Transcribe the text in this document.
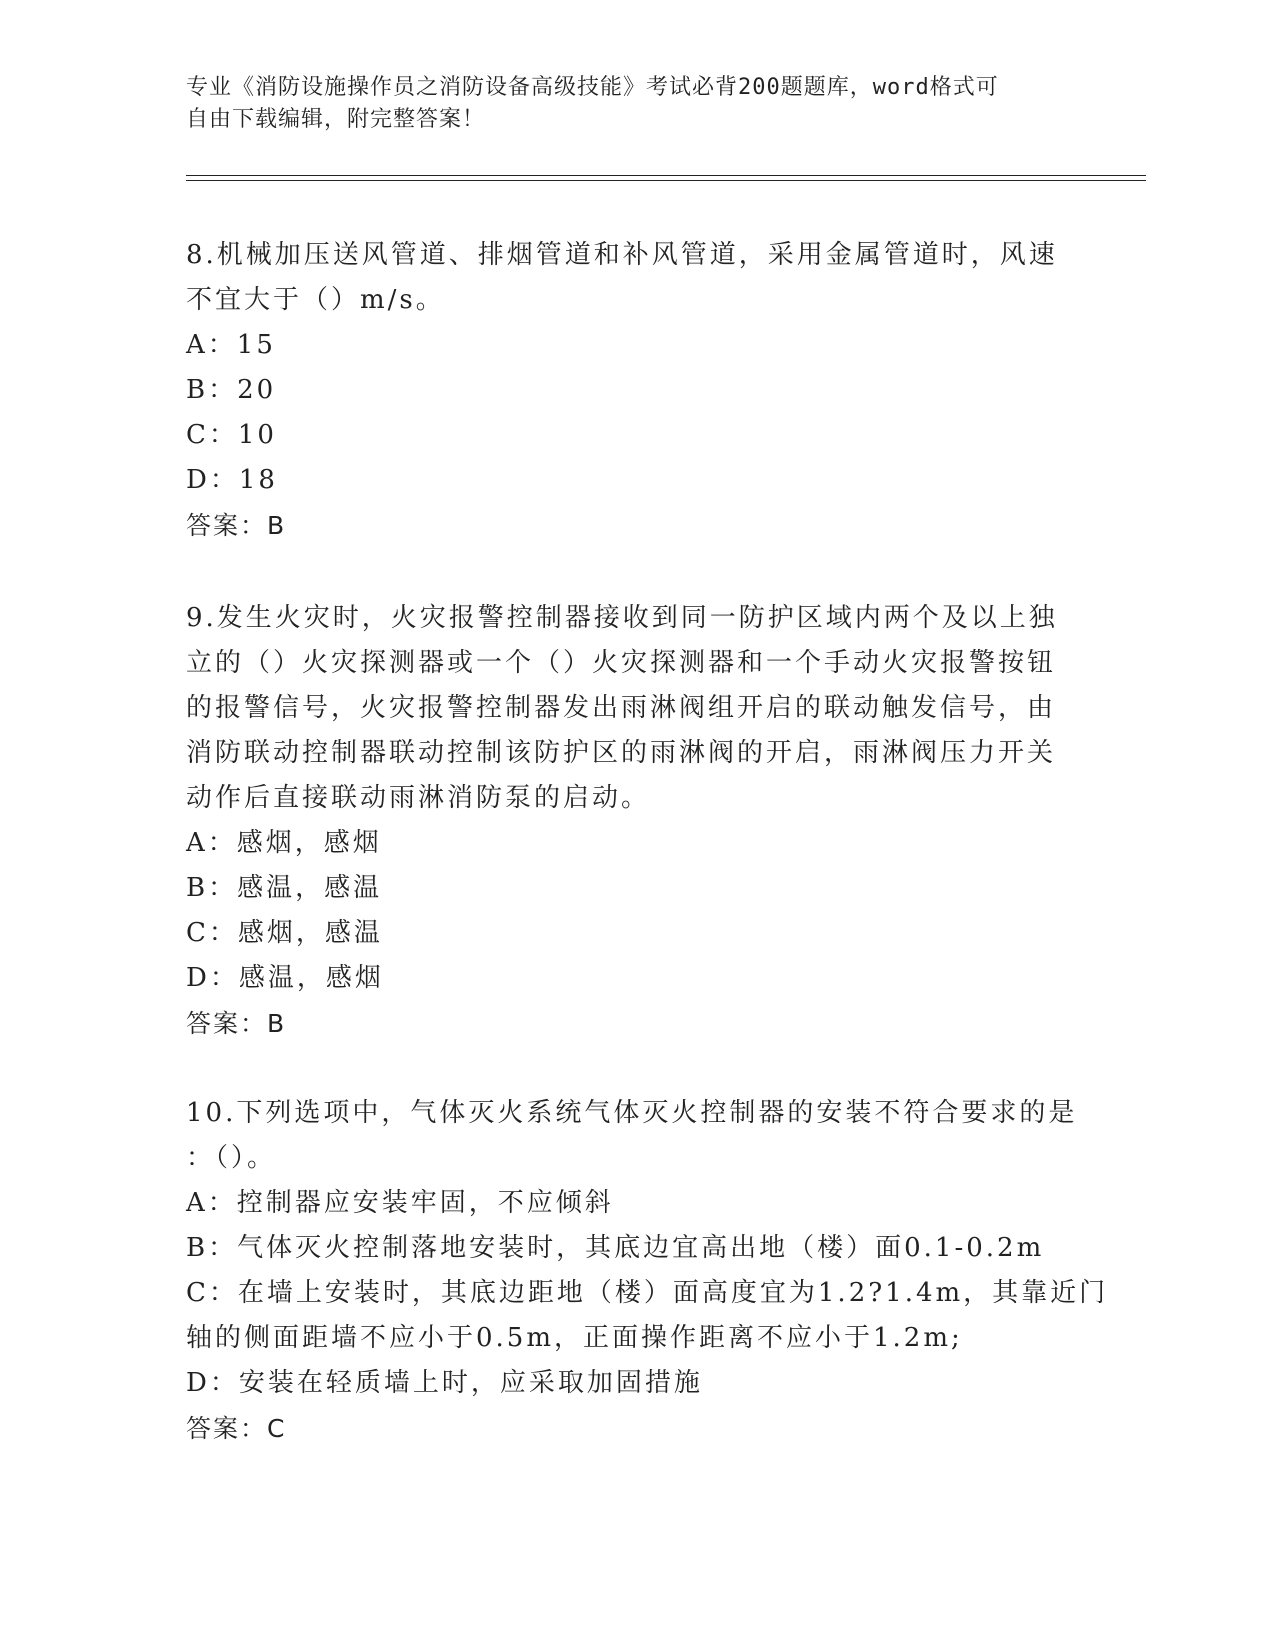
专业《消防设施操作员之消防设备高级技能》考试必背200题题库，word格式可
自由下载编辑，附完整答案！
8.机械加压送风管道、排烟管道和补风管道，采用金属管道时，风速
不宜大于（）m/s。
A：15
B：20
C：10
D：18
答案：B
9.发生火灾时，火灾报警控制器接收到同一防护区域内两个及以上独
立的（）火灾探测器或一个（）火灾探测器和一个手动火灾报警按钮
的报警信号，火灾报警控制器发出雨淋阀组开启的联动触发信号，由
消防联动控制器联动控制该防护区的雨淋阀的开启，雨淋阀压力开关
动作后直接联动雨淋消防泵的启动。
A：感烟，感烟
B：感温，感温
C：感烟，感温
D：感温，感烟
答案：B
10.下列选项中，气体灭火系统气体灭火控制器的安装不符合要求的是
：（）。
A：控制器应安装牢固，不应倾斜
B：气体灭火控制落地安装时，其底边宜高出地（楼）面0.1-0.2m
C：在墙上安装时，其底边距地（楼）面高度宜为1.2?1.4m，其靠近门
轴的侧面距墙不应小于0.5m，正面操作距离不应小于1.2m;
D：安装在轻质墙上时，应采取加固措施
答案：C
